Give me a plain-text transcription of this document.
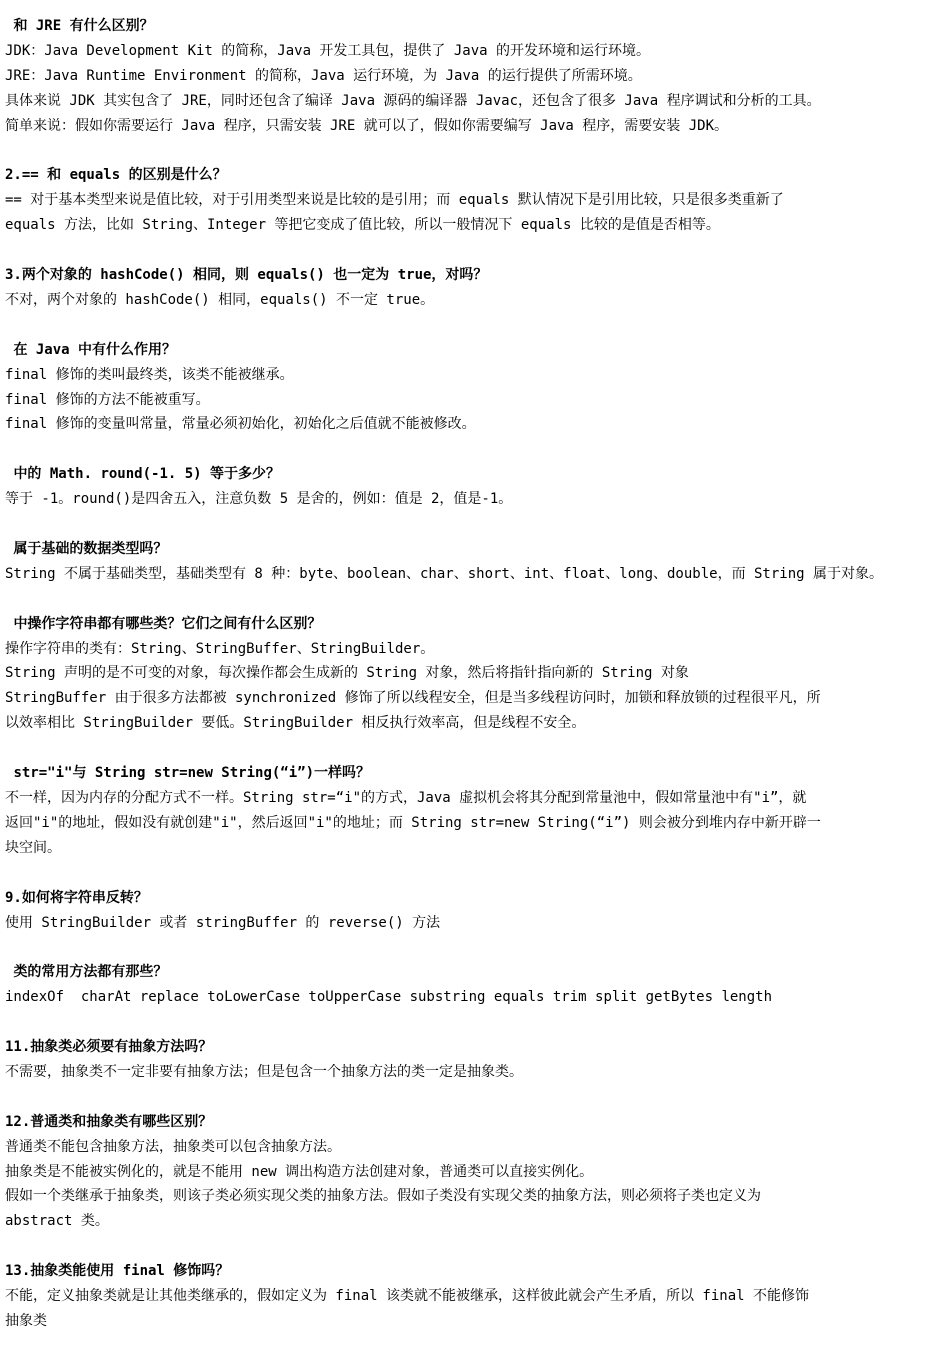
和 JRE 有什么区别？
JDK：Java Development Kit 的简称，Java 开发工具包，提供了 Java 的开发环境和运行环境。
JRE：Java Runtime Environment 的简称，Java 运行环境，为 Java 的运行提供了所需环境。
具体来说 JDK 其实包含了 JRE，同时还包含了编译 Java 源码的编译器 Javac，还包含了很多 Java 程序调试和分析的工具。
简单来说：假如你需要运行 Java 程序，只需安装 JRE 就可以了，假如你需要编写 Java 程序，需要安装 JDK。
2.== 和 equals 的区别是什么？
== 对于基本类型来说是值比较，对于引用类型来说是比较的是引用；而 equals 默认情况下是引用比较，只是很多类重新了
equals 方法，比如 String、Integer 等把它变成了值比较，所以一般情况下 equals 比较的是值是否相等。
3.两个对象的 hashCode() 相同，则 equals() 也一定为 true，对吗？
不对，两个对象的 hashCode() 相同，equals() 不一定 true。
在 Java 中有什么作用？
final 修饰的类叫最终类，该类不能被继承。
final 修饰的方法不能被重写。
final 修饰的变量叫常量，常量必须初始化，初始化之后值就不能被修改。
中的 Math. round(-1. 5) 等于多少？
等于 -1。round()是四舍五入，注意负数 5 是舍的，例如：值是 2，值是-1。
属于基础的数据类型吗？
String 不属于基础类型，基础类型有 8 种：byte、boolean、char、short、int、float、long、double，而 String 属于对象。
中操作字符串都有哪些类？它们之间有什么区别？
操作字符串的类有：String、StringBuffer、StringBuilder。
String 声明的是不可变的对象，每次操作都会生成新的 String 对象，然后将指针指向新的 String 对象
StringBuffer 由于很多方法都被 synchronized 修饰了所以线程安全，但是当多线程访问时，加锁和释放锁的过程很平凡，所
以效率相比 StringBuilder 要低。StringBuilder 相反执行效率高，但是线程不安全。
str="i"与 String str=new String(“i”)一样吗？
不一样，因为内存的分配方式不一样。String str=“i"的方式，Java 虚拟机会将其分配到常量池中，假如常量池中有"i”，就
返回"i"的地址，假如没有就创建"i"，然后返回"i"的地址；而 String str=new String(“i”) 则会被分到堆内存中新开辟一
块空间。
9.如何将字符串反转？
使用 StringBuilder 或者 stringBuffer 的 reverse() 方法
类的常用方法都有那些？
indexOf  charAt replace toLowerCase toUpperCase substring equals trim split getBytes length
11.抽象类必须要有抽象方法吗？
不需要，抽象类不一定非要有抽象方法；但是包含一个抽象方法的类一定是抽象类。
12.普通类和抽象类有哪些区别？
普通类不能包含抽象方法，抽象类可以包含抽象方法。
抽象类是不能被实例化的，就是不能用 new 调出构造方法创建对象，普通类可以直接实例化。
假如一个类继承于抽象类，则该子类必须实现父类的抽象方法。假如子类没有实现父类的抽象方法，则必须将子类也定义为
abstract 类。
13.抽象类能使用 final 修饰吗？
不能，定义抽象类就是让其他类继承的，假如定义为 final 该类就不能被继承，这样彼此就会产生矛盾，所以 final 不能修饰
抽象类
